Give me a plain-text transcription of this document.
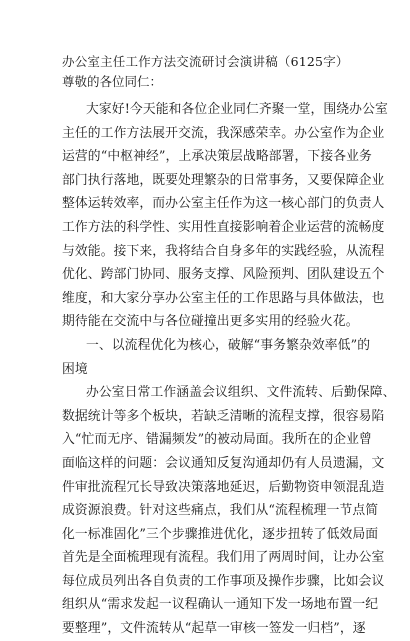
办公室主任工作方法交流研讨会演讲稿（6125字）
尊敬的各位同仁：
大家好!今天能和各位企业同仁齐聚一堂，围绕办公室
主任的工作方法展开交流，我深感荣幸。办公室作为企业
运营的“中枢神经”，上承决策层战略部署，下接各业务
部门执行落地，既要处理繁杂的日常事务，又要保障企业
整体运转效率，而办公室主任作为这一核心部门的负责人
工作方法的科学性、实用性直接影响着企业运营的流畅度
与效能。接下来，我将结合自身多年的实践经验，从流程
优化、跨部门协同、服务支撑、风险预判、团队建设五个
维度，和大家分享办公室主任的工作思路与具体做法，也
期待能在交流中与各位碰撞出更多实用的经验火花。
一、以流程优化为核心，破解“事务繁杂效率低”的
困境
办公室日常工作涵盖会议组织、文件流转、后勤保障、
数据统计等多个板块，若缺乏清晰的流程支撑，很容易陷
入“忙而无序、错漏频发”的被动局面。我所在的企业曾
面临这样的问题：会议通知反复沟通却仍有人员遗漏，文
件审批流程冗长导致决策落地延迟，后勤物资申领混乱造
成资源浪费。针对这些痛点，我们从“流程梳理一节点简
化一标准固化”三个步骤推进优化，逐步扭转了低效局面
首先是全面梳理现有流程。我们用了两周时间，让办公室
每位成员列出各自负责的工作事项及操作步骤，比如会议
组织从“需求发起一议程确认一通知下发一场地布置一纪
要整理”，文件流转从“起草一审核一签发一归档”，逐
